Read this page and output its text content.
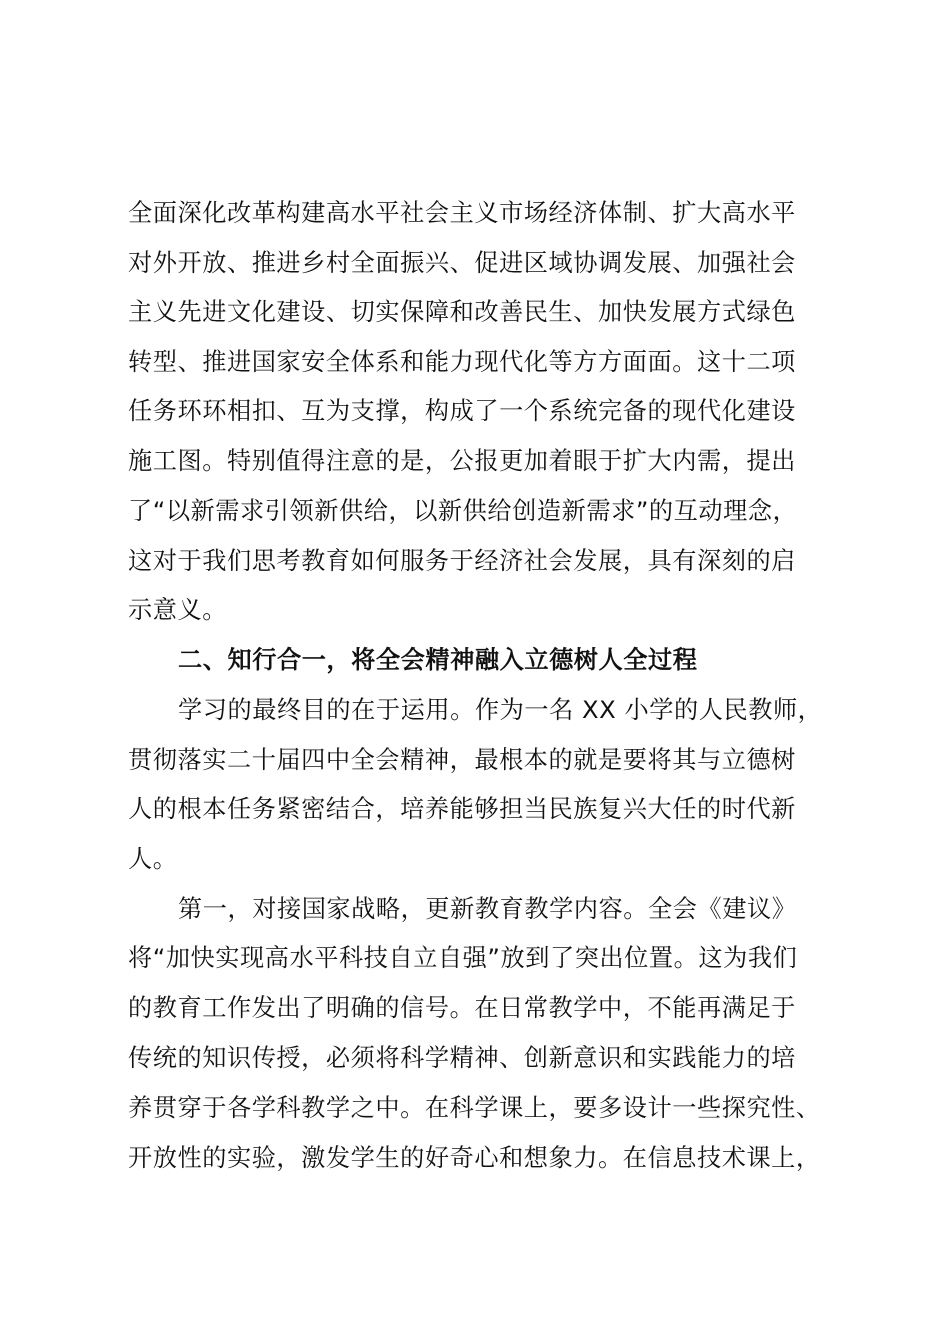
全面深化改革构建高水平社会主义市场经济体制、扩大高水平
对外开放、推进乡村全面振兴、促进区域协调发展、加强社会
主义先进文化建设、切实保障和改善民生、加快发展方式绿色
转型、推进国家安全体系和能力现代化等方方面面。这十二项
任务环环相扣、互为支撑，构成了一个系统完备的现代化建设
施工图。特别值得注意的是，公报更加着眼于扩大内需，提出
了“以新需求引领新供给，以新供给创造新需求”的互动理念，
这对于我们思考教育如何服务于经济社会发展，具有深刻的启
示意义。
二、知行合一，将全会精神融入立德树人全过程
学习的最终目的在于运用。作为一名 XX 小学的人民教师，
贯彻落实二十届四中全会精神，最根本的就是要将其与立德树
人的根本任务紧密结合，培养能够担当民族复兴大任的时代新
人。
第一，对接国家战略，更新教育教学内容。全会《建议》
将“加快实现高水平科技自立自强”放到了突出位置。这为我们
的教育工作发出了明确的信号。在日常教学中，不能再满足于
传统的知识传授，必须将科学精神、创新意识和实践能力的培
养贯穿于各学科教学之中。在科学课上，要多设计一些探究性、
开放性的实验，激发学生的好奇心和想象力。在信息技术课上，
